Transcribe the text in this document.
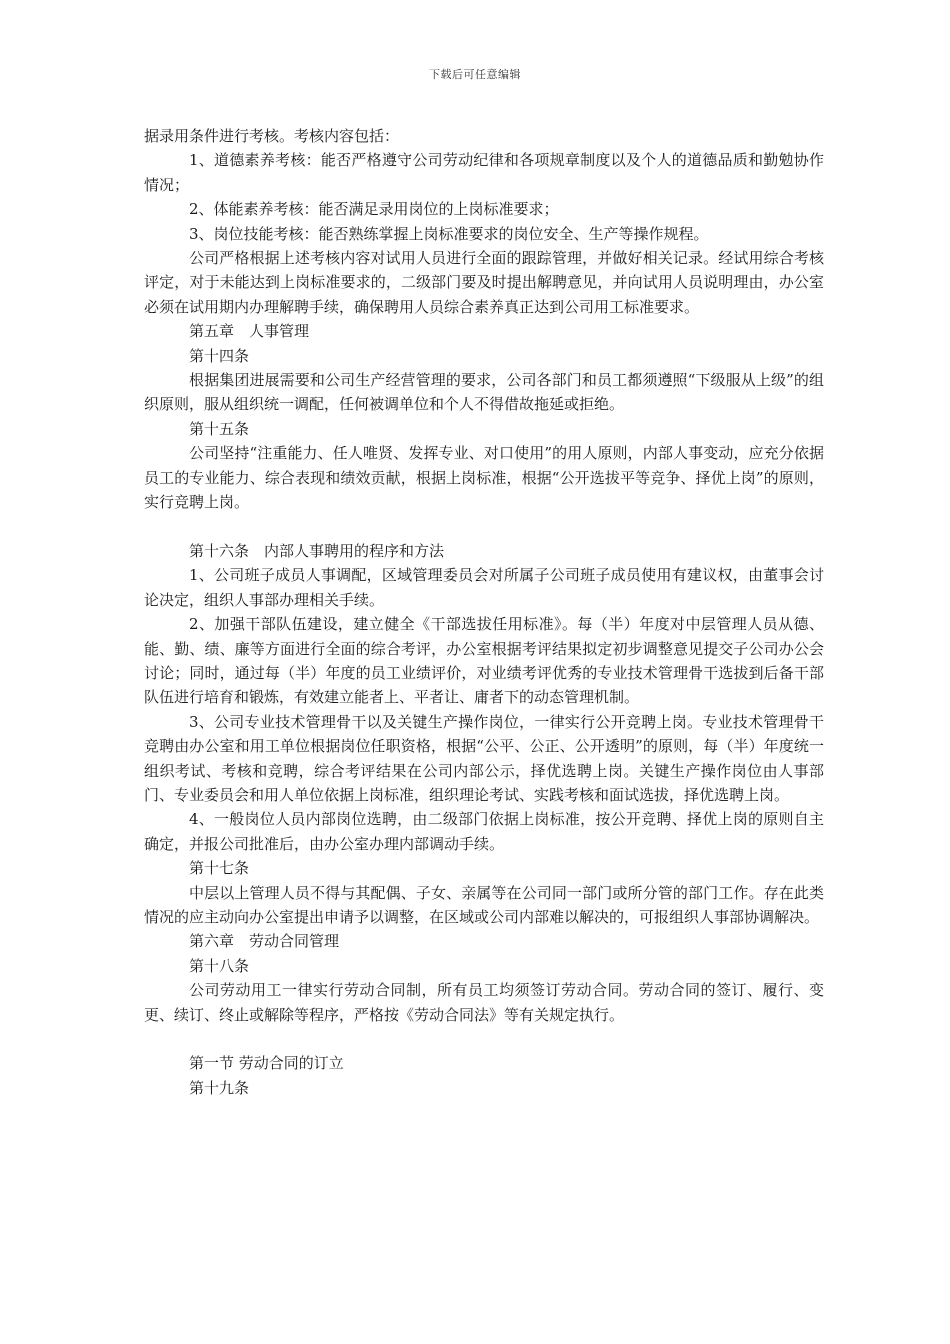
下载后可任意编辑

据录用条件进行考核。考核内容包括：

1、道德素养考核：能否严格遵守公司劳动纪律和各项规章制度以及个人的道德品质和勤勉协作情况；

2、体能素养考核：能否满足录用岗位的上岗标准要求；

3、岗位技能考核：能否熟练掌握上岗标准要求的岗位安全、生产等操作规程。

公司严格根据上述考核内容对试用人员进行全面的跟踪管理，并做好相关记录。经试用综合考核评定，对于未能达到上岗标准要求的，二级部门要及时提出解聘意见，并向试用人员说明理由，办公室必须在试用期内办理解聘手续，确保聘用人员综合素养真正达到公司用工标准要求。

第五章　人事管理

第十四条

根据集团进展需要和公司生产经营管理的要求，公司各部门和员工都须遵照“下级服从上级”的组织原则，服从组织统一调配，任何被调单位和个人不得借故拖延或拒绝。

第十五条

公司坚持“注重能力、任人唯贤、发挥专业、对口使用”的用人原则，内部人事变动，应充分依据员工的专业能力、综合表现和绩效贡献，根据上岗标准，根据“公开选拔平等竞争、择优上岗”的原则，实行竞聘上岗。

第十六条　内部人事聘用的程序和方法

1、公司班子成员人事调配，区域管理委员会对所属子公司班子成员使用有建议权，由董事会讨论决定，组织人事部办理相关手续。

2、加强干部队伍建设，建立健全《干部选拔任用标准》。每（半）年度对中层管理人员从德、能、勤、绩、廉等方面进行全面的综合考评，办公室根据考评结果拟定初步调整意见提交子公司办公会讨论；同时，通过每（半）年度的员工业绩评价，对业绩考评优秀的专业技术管理骨干选拔到后备干部队伍进行培育和锻炼，有效建立能者上、平者让、庸者下的动态管理机制。

3、公司专业技术管理骨干以及关键生产操作岗位，一律实行公开竞聘上岗。专业技术管理骨干竞聘由办公室和用工单位根据岗位任职资格，根据“公平、公正、公开透明”的原则，每（半）年度统一组织考试、考核和竞聘，综合考评结果在公司内部公示，择优选聘上岗。关键生产操作岗位由人事部门、专业委员会和用人单位依据上岗标准，组织理论考试、实践考核和面试选拔，择优选聘上岗。

4、一般岗位人员内部岗位选聘，由二级部门依据上岗标准，按公开竞聘、择优上岗的原则自主确定，并报公司批准后，由办公室办理内部调动手续。

第十七条

中层以上管理人员不得与其配偶、子女、亲属等在公司同一部门或所分管的部门工作。存在此类情况的应主动向办公室提出申请予以调整，在区域或公司内部难以解决的，可报组织人事部协调解决。

第六章　劳动合同管理

第十八条

公司劳动用工一律实行劳动合同制，所有员工均须签订劳动合同。劳动合同的签订、履行、变更、续订、终止或解除等程序，严格按《劳动合同法》等有关规定执行。

第一节 劳动合同的订立

第十九条
